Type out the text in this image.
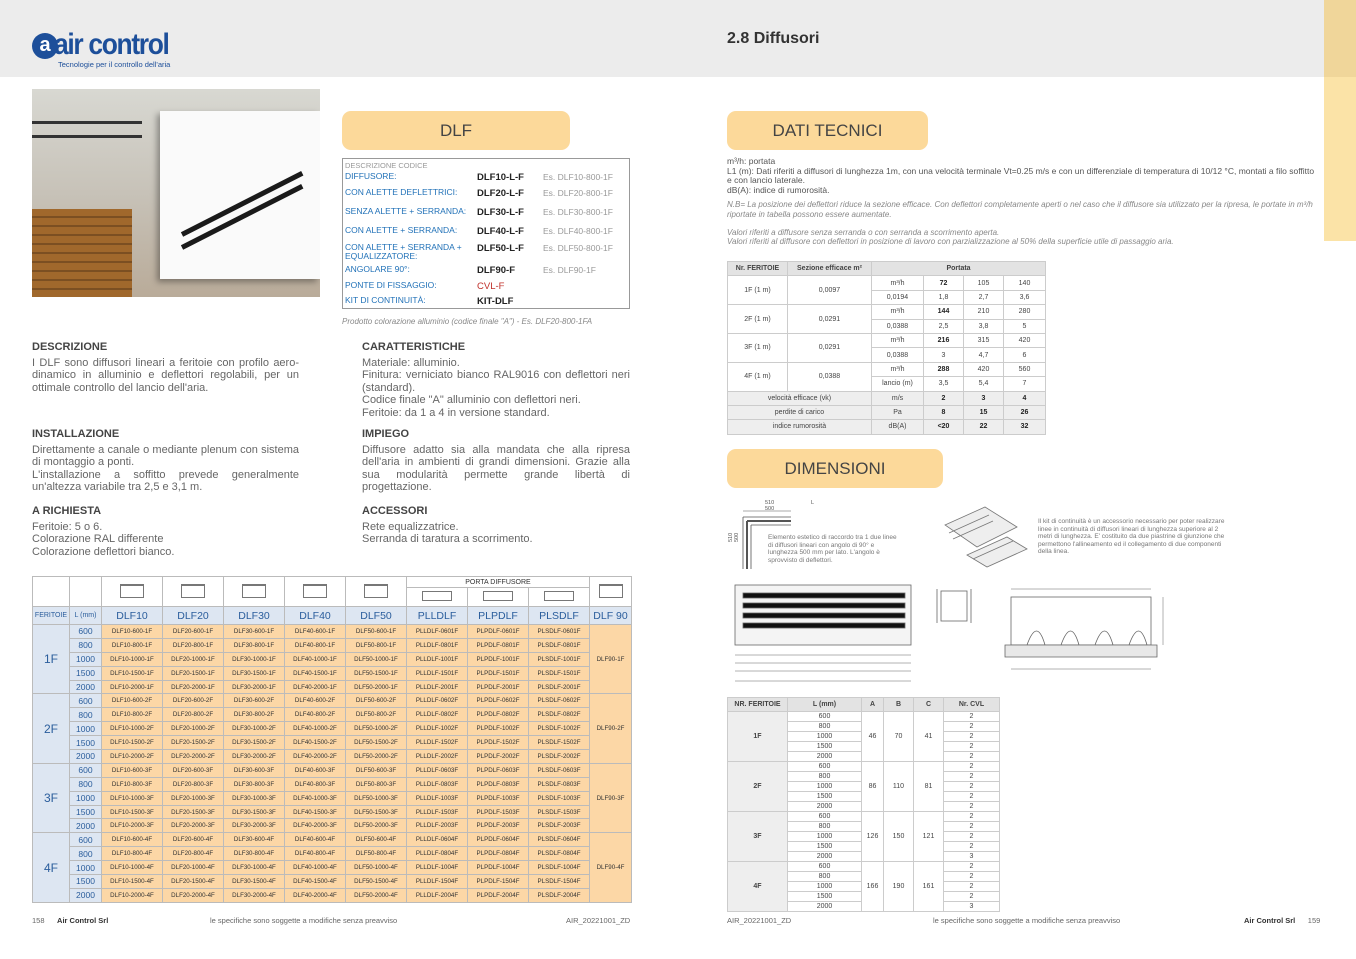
a air control
Tecnologie per il controllo dell'aria
2.8 Diffusori
DLF
DESCRIZIONE CODICE
DIFFUSORE:	DLF10-L-F Es. DLF10-800-1F
CON ALETTE DEFLETTRICI:	DLF20-L-F Es. DLF20-800-1F
SENZA ALETTE + SERRANDA:	DLF30-L-F Es. DLF30-800-1F
CON ALETTE + SERRANDA:	DLF40-L-F Es. DLF40-800-1F
CON ALETTE + SERRANDA + EQUALIZZATORE:
DLF50-L-F Es. DLF50-800-1F
ANGOLARE 90°:	DLF90-F	Es. DLF90-1F
PONTE DI FISSAGGIO:	CVL-F
KIT DI CONTINUITÀ:	KIT-DLF
Prodotto colorazione alluminio (codice finale "A") - Es. DLF20-800-1FA
DESCRIZIONE
I DLF sono diffusori lineari a feritoie con profilo aero-dinamico in alluminio e deflettori regolabili, per un ottimale controllo del lancio dell'aria.
CARATTERISTICHE
Materiale: alluminio.
Finitura: verniciato bianco RAL9016 con deflettori neri (standard).
Codice finale "A" alluminio con deflettori neri.
Feritoie: da 1 a 4 in versione standard.
INSTALLAZIONE
Direttamente a canale o mediante plenum con sistema di montaggio a ponti.
L'installazione a soffitto prevede generalmente un'altezza variabile tra 2,5 e 3,1 m.
IMPIEGO
Diffusore adatto sia alla mandata che alla ripresa dell'aria in ambienti di grandi dimensioni. Grazie alla sua modularità permette grande libertà di progettazione.
A RICHIESTA
Feritoie: 5 o 6.
Colorazione RAL differente
Colorazione deflettori bianco.
ACCESSORI
Rete equalizzatrice.
Serranda di taratura a scorrimento.
							PORTA DIFFUSORE			

FERITOIE	L (mm)	DLF10	DLF20	DLF30	DLF40	DLF50	PLLDLF	PLPDLF	PLSDLF	DLF 90
1F	600	DLF10-600-1F	DLF20-600-1F	DLF30-600-1F	DLF40-600-1F	DLF50-600-1F	PLLDLF-0601F	PLPDLF-0601F	PLSDLF-0601F	DLF90-1F
	800	DLF10-800-1F	DLF20-800-1F	DLF30-800-1F	DLF40-800-1F	DLF50-800-1F	PLLDLF-0801F	PLPDLF-0801F	PLSDLF-0801F	
	1000	DLF10-1000-1F	DLF20-1000-1F	DLF30-1000-1F	DLF40-1000-1F	DLF50-1000-1F	PLLDLF-1001F	PLPDLF-1001F	PLSDLF-1001F	
	1500	DLF10-1500-1F	DLF20-1500-1F	DLF30-1500-1F	DLF40-1500-1F	DLF50-1500-1F	PLLDLF-1501F	PLPDLF-1501F	PLSDLF-1501F	
	2000	DLF10-2000-1F	DLF20-2000-1F	DLF30-2000-1F	DLF40-2000-1F	DLF50-2000-1F	PLLDLF-2001F	PLPDLF-2001F	PLSDLF-2001F	
2F	600	DLF10-600-2F	DLF20-600-2F	DLF30-600-2F	DLF40-600-2F	DLF50-600-2F	PLLDLF-0602F	PLPDLF-0602F	PLSDLF-0602F	DLF90-2F
	800	DLF10-800-2F	DLF20-800-2F	DLF30-800-2F	DLF40-800-2F	DLF50-800-2F	PLLDLF-0802F	PLPDLF-0802F	PLSDLF-0802F	
	1000	DLF10-1000-2F	DLF20-1000-2F	DLF30-1000-2F	DLF40-1000-2F	DLF50-1000-2F	PLLDLF-1002F	PLPDLF-1002F	PLSDLF-1002F	
	1500	DLF10-1500-2F	DLF20-1500-2F	DLF30-1500-2F	DLF40-1500-2F	DLF50-1500-2F	PLLDLF-1502F	PLPDLF-1502F	PLSDLF-1502F	
	2000	DLF10-2000-2F	DLF20-2000-2F	DLF30-2000-2F	DLF40-2000-2F	DLF50-2000-2F	PLLDLF-2002F	PLPDLF-2002F	PLSDLF-2002F	
3F	600	DLF10-600-3F	DLF20-600-3F	DLF30-600-3F	DLF40-600-3F	DLF50-600-3F	PLLDLF-0603F	PLPDLF-0603F	PLSDLF-0603F	DLF90-3F
	800	DLF10-800-3F	DLF20-800-3F	DLF30-800-3F	DLF40-800-3F	DLF50-800-3F	PLLDLF-0803F	PLPDLF-0803F	PLSDLF-0803F	
	1000	DLF10-1000-3F	DLF20-1000-3F	DLF30-1000-3F	DLF40-1000-3F	DLF50-1000-3F	PLLDLF-1003F	PLPDLF-1003F	PLSDLF-1003F	
	1500	DLF10-1500-3F	DLF20-1500-3F	DLF30-1500-3F	DLF40-1500-3F	DLF50-1500-3F	PLLDLF-1503F	PLPDLF-1503F	PLSDLF-1503F	
	2000	DLF10-2000-3F	DLF20-2000-3F	DLF30-2000-3F	DLF40-2000-3F	DLF50-2000-3F	PLLDLF-2003F	PLPDLF-2003F	PLSDLF-2003F	
4F	600	DLF10-600-4F	DLF20-600-4F	DLF30-600-4F	DLF40-600-4F	DLF50-600-4F	PLLDLF-0604F	PLPDLF-0604F	PLSDLF-0604F	DLF90-4F
	800	DLF10-800-4F	DLF20-800-4F	DLF30-800-4F	DLF40-800-4F	DLF50-800-4F	PLLDLF-0804F	PLPDLF-0804F	PLSDLF-0804F	
	1000	DLF10-1000-4F	DLF20-1000-4F	DLF30-1000-4F	DLF40-1000-4F	DLF50-1000-4F	PLLDLF-1004F	PLPDLF-1004F	PLSDLF-1004F	
	1500	DLF10-1500-4F	DLF20-1500-4F	DLF30-1500-4F	DLF40-1500-4F	DLF50-1500-4F	PLLDLF-1504F	PLPDLF-1504F	PLSDLF-1504F	
	2000	DLF10-2000-4F	DLF20-2000-4F	DLF30-2000-4F	DLF40-2000-4F	DLF50-2000-4F	PLLDLF-2004F	PLPDLF-2004F	PLSDLF-2004F	
158 Air Control Srl	le specifiche sono soggette a modifiche senza preavviso	AIR_20221001_ZD
DATI TECNICI
m³/h: portata
L1 (m): Dati riferiti a diffusori di lunghezza 1m, con una velocità terminale Vt=0.25 m/s e con un differenziale di temperatura di 10/12 °C, montati a filo soffitto e con lancio laterale.
dB(A): indice di rumorosità.
N.B= La posizione dei deflettori riduce la sezione efficace. Con deflettori completamente aperti o nel caso che il diffusore sia utilizzato per la ripresa, le portate in m³/h riportate in tabella possono essere aumentate.
Valori riferiti a diffusore senza serranda o con serranda a scorrimento aperta.
Valori riferiti al diffusore con deflettori in posizione di lavoro con parzializzazione al 50% della superficie utile di passaggio aria.
Nr. FERITOIE	Sezione efficace m²	Portata			
1F (1 m)	0,0097	m³/h	72	105	140
		0,0194	1,8	2,7	3,6
2F (1 m)	0,0291	m³/h	144	210	280
		0,0388	2,5	3,8	5
3F (1 m)	0,0291	m³/h	216	315	420
		0,0388	3	4,7	6
4F (1 m)	0,0388	m³/h	288	420	560
		lancio (m)	3,5	5,4	7
velocità efficace (vk)		m/s	2	3	4
perdite di carico		Pa	8	15	26
indice rumorosità		dB(A)	<20	22	32
DIMENSIONI
510
500
L
510 500	Elemento estetico di raccordo tra 1 due linee di diffusori lineari con angolo di 90° e lunghezza 500 mm per lato. L'angolo è sprovvisto di deflettori.
Il kit di continuità è un accessorio necessario per poter realizzare linee in continuità di diffusori lineari di lunghezza superiore al 2 metri di lunghezza. E' costituito da due piastrine di giunzione che permettono l'allineamento ed il collegamento di due componenti della linea.
NR. FERITOIE	L (mm)	A	B	C	Nr. CVL
1F	600	46	70	41	2
	800				2
	1000				2
	1500				2
	2000				2
2F	600	86	110	81	2
	800				2
	1000				2
	1500				2
	2000				2
3F	600	126	150	121	2
	800				2
	1000				2
	1500				2
	2000				3
4F	600	166	190	161	2
	800				2
	1000				2
	1500				2
	2000				3
AIR_20221001_ZD	le specifiche sono soggette a modifiche senza preavviso	Air Control Srl 159
